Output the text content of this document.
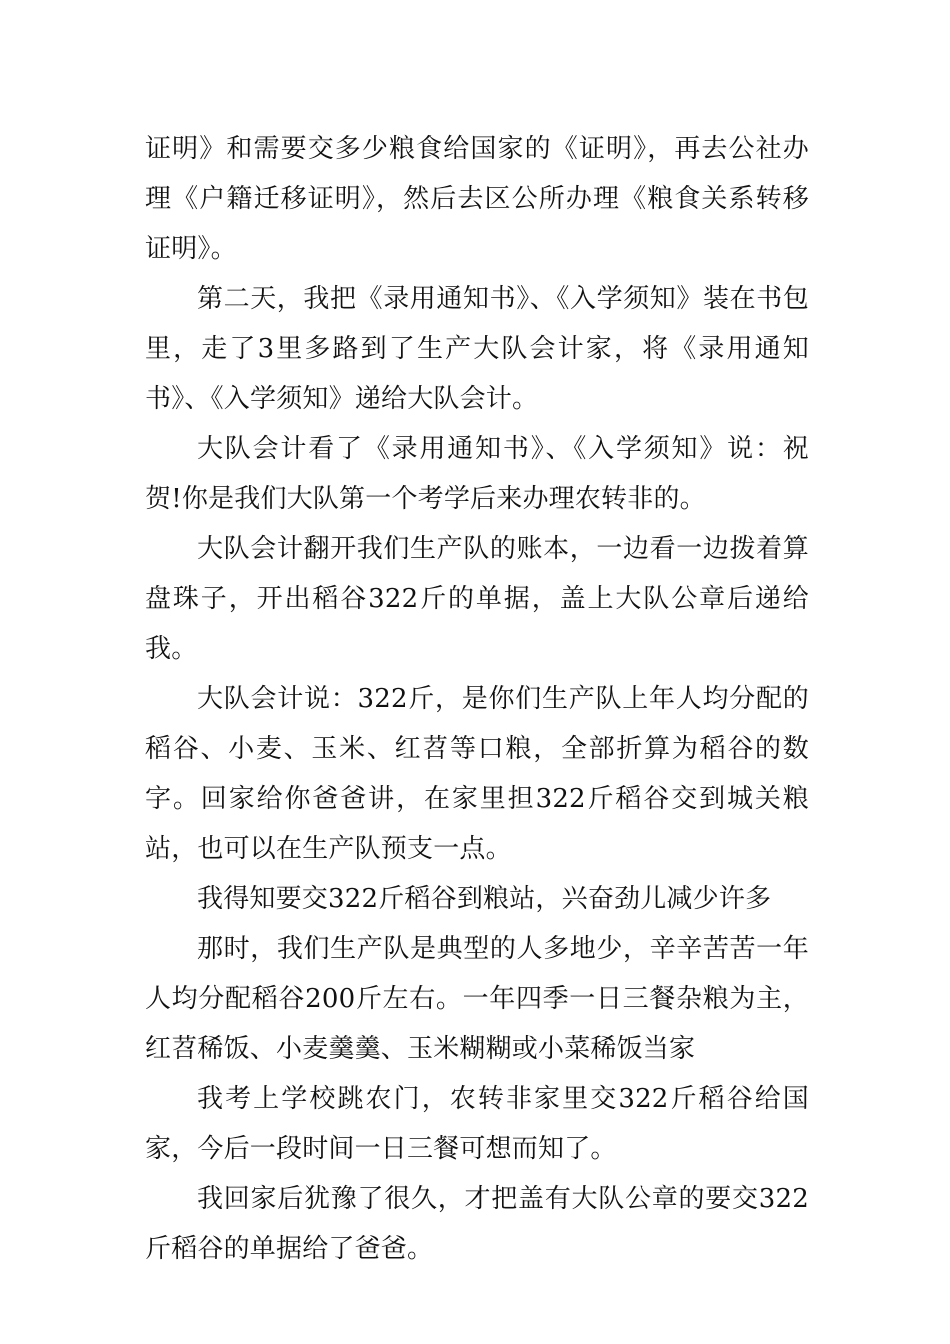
证明》和需要交多少粮食给国家的《证明》，再去公社办理《户籍迁移证明》，然后去区公所办理《粮食关系转移证明》。

第二天，我把《录用通知书》、《入学须知》装在书包里，走了3里多路到了生产大队会计家，将《录用通知书》、《入学须知》递给大队会计。

大队会计看了《录用通知书》、《入学须知》说：祝贺!你是我们大队第一个考学后来办理农转非的。

大队会计翻开我们生产队的账本，一边看一边拨着算盘珠子，开出稻谷322斤的单据，盖上大队公章后递给我。

大队会计说：322斤，是你们生产队上年人均分配的稻谷、小麦、玉米、红苕等口粮，全部折算为稻谷的数字。回家给你爸爸讲，在家里担322斤稻谷交到城关粮站，也可以在生产队预支一点。

我得知要交322斤稻谷到粮站，兴奋劲儿减少许多

那时，我们生产队是典型的人多地少，辛辛苦苦一年人均分配稻谷200斤左右。一年四季一日三餐杂粮为主，红苕稀饭、小麦羹羹、玉米糊糊或小菜稀饭当家

我考上学校跳农门，农转非家里交322斤稻谷给国家，今后一段时间一日三餐可想而知了。

我回家后犹豫了很久，才把盖有大队公章的要交322斤稻谷的单据给了爸爸。
